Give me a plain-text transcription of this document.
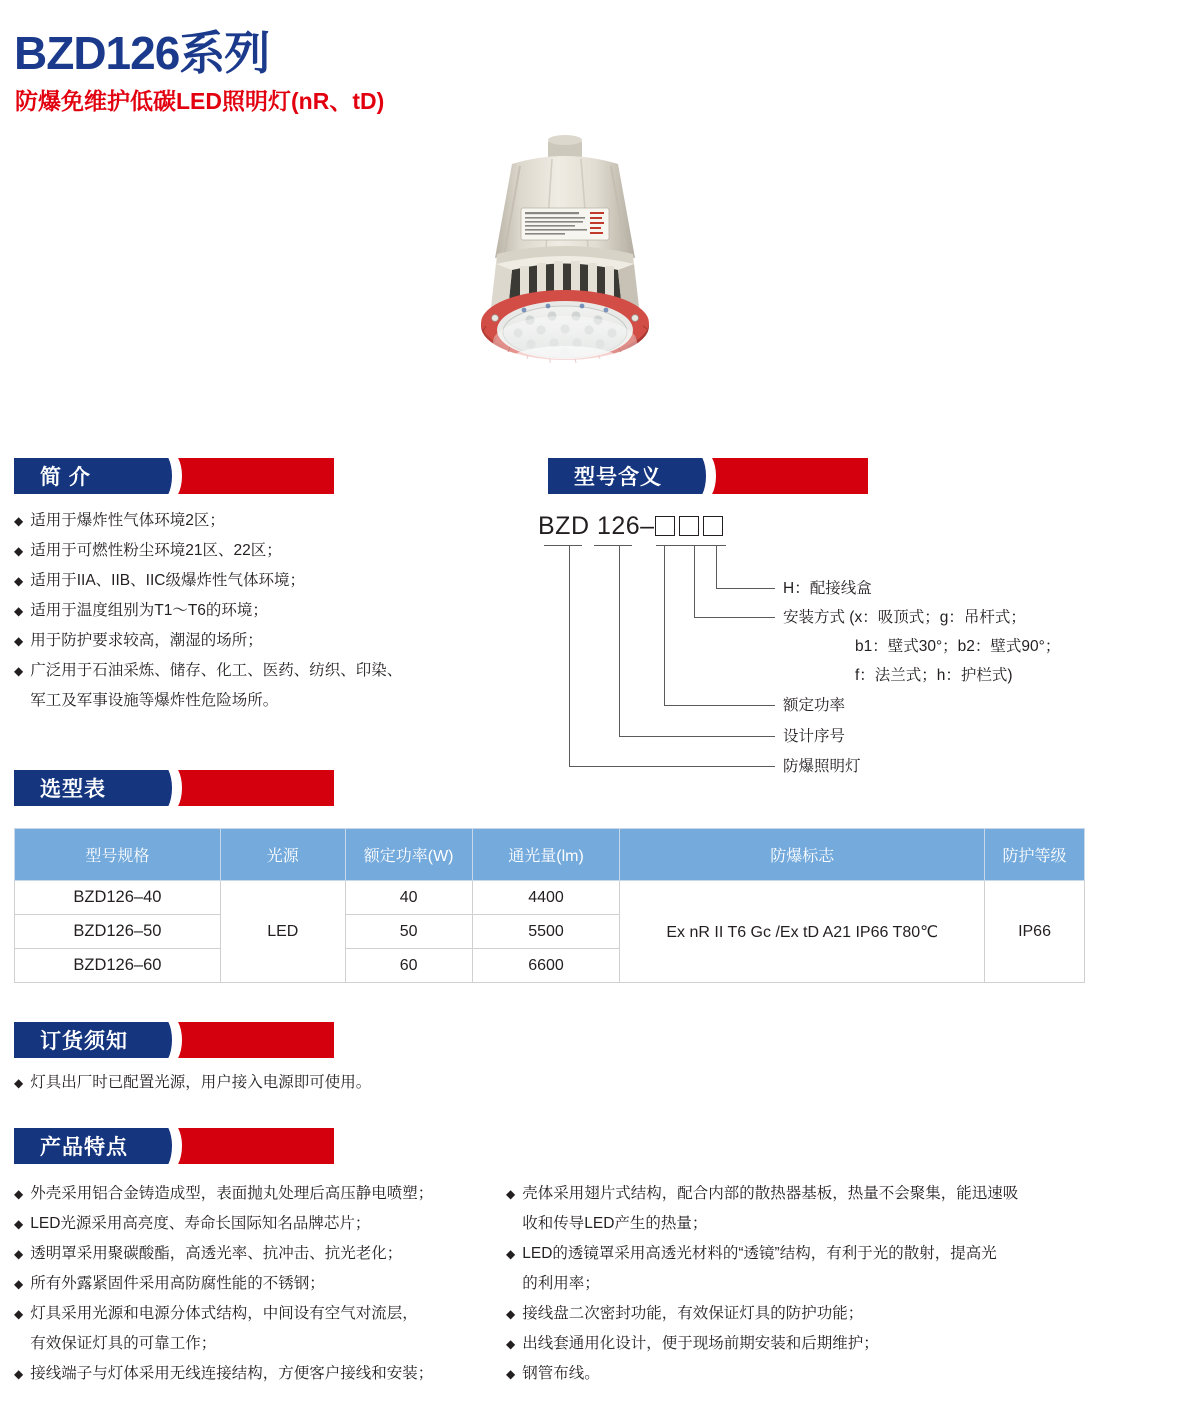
BZD126系列
防爆免维护低碳LED照明灯(nR、tD)
简 介
◆ 适用于爆炸性气体环境2区；
◆ 适用于可燃性粉尘环境21区、22区；
◆ 适用于IIA、IIB、IIC级爆炸性气体环境；
◆ 适用于温度组别为T1～T6的环境；
◆ 用于防护要求较高，潮湿的场所；
◆ 广泛用于石油采炼、储存、化工、医药、纺织、印染、
军工及军事设施等爆炸性危险场所。
型号含义
BZD 126–
H：配接线盒
安装方式 (x：吸顶式；g：吊杆式；
b1：壁式30°；b2：壁式90°；
f：法兰式；h：护栏式)
额定功率
设计序号
防爆照明灯
选型表
型号规格	光源	额定功率(W)	通光量(lm)	防爆标志	防护等级
BZD126–40	LED	40	4400	Ex nR II T6 Gc /Ex tD A21 IP66 T80℃	IP66
BZD126–50		50	5500		
BZD126–60		60	6600		
订货须知
◆ 灯具出厂时已配置光源，用户接入电源即可使用。
产品特点
◆ 外壳采用铝合金铸造成型，表面抛丸处理后高压静电喷塑；
◆ LED光源采用高亮度、寿命长国际知名品牌芯片；
◆ 透明罩采用聚碳酸酯，高透光率、抗冲击、抗光老化；
◆ 所有外露紧固件采用高防腐性能的不锈钢；
◆ 灯具采用光源和电源分体式结构，中间设有空气对流层，
有效保证灯具的可靠工作；
◆ 接线端子与灯体采用无线连接结构，方便客户接线和安装；
◆ 壳体采用翅片式结构，配合内部的散热器基板，热量不会聚集，能迅速吸
收和传导LED产生的热量；
◆ LED的透镜罩采用高透光材料的“透镜”结构，有利于光的散射，提高光
的利用率；
◆ 接线盘二次密封功能，有效保证灯具的防护功能；
◆ 出线套通用化设计，便于现场前期安装和后期维护；
◆ 钢管布线。
